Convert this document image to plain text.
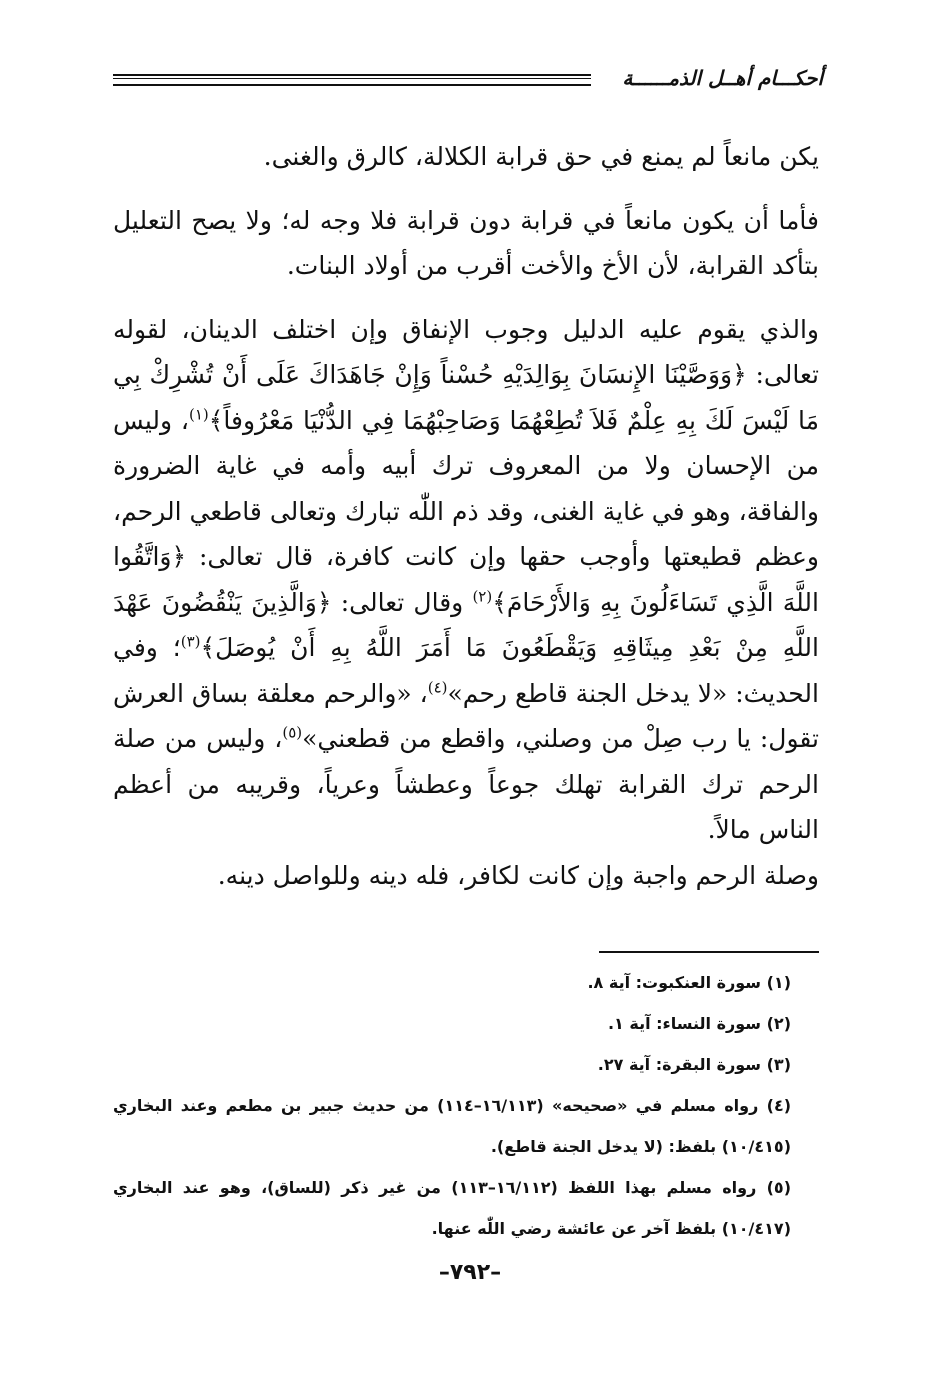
أحكـــام أهــل الذمــــــة

يكن مانعاً لم يمنع في حق قرابة الكلالة، كالرق والغنى.

فأما أن يكون مانعاً في قرابة دون قرابة فلا وجه له؛ ولا يصح التعليل بتأكد القرابة، لأن الأخ والأخت أقرب من أولاد البنات.

والذي يقوم عليه الدليل وجوب الإنفاق وإن اختلف الدينان، لقوله تعالى: ﴿وَوَصَّيْنَا الإِنسَانَ بِوَالِدَيْهِ حُسْناً وَإِنْ جَاهَدَاكَ عَلَى أَنْ تُشْرِكْ بِي مَا لَيْسَ لَكَ بِهِ عِلْمٌ فَلاَ تُطِعْهُمَا وَصَاحِبْهُمَا فِي الدُّنْيَا مَعْرُوفاً﴾$^{(١)}$، وليس من الإحسان ولا من المعروف ترك أبيه وأمه في غاية الضرورة والفاقة، وهو في غاية الغنى، وقد ذم اللّٰه تبارك وتعالى قاطعي الرحم، وعظم قطيعتها وأوجب حقها وإن كانت كافرة، قال تعالى: ﴿وَاتَّقُوا اللَّهَ الَّذِي تَسَاءَلُونَ بِهِ وَالأَرْحَامَ﴾$^{(٢)}$ وقال تعالى: ﴿وَالَّذِينَ يَنْقُضُونَ عَهْدَ اللَّهِ مِنْ بَعْدِ مِيثَاقِهِ وَيَقْطَعُونَ مَا أَمَرَ اللَّهُ بِهِ أَنْ يُوصَلَ﴾$^{(٣)}$؛ وفي الحديث: «لا يدخل الجنة قاطع رحم»$^{(٤)}$، «والرحم معلقة بساق العرش تقول: يا رب صِلْ من وصلني، واقطع من قطعني»$^{(٥)}$، وليس من صلة الرحم ترك القرابة تهلك جوعاً وعطشاً وعرياً، وقريبه من أعظم الناس مالاً.

وصلة الرحم واجبة وإن كانت لكافر، فله دينه وللواصل دينه.

(١) سورة العنكبوت: آية ٨.

(٢) سورة النساء: آية ١.

(٣) سورة البقرة: آية ٢٧.

(٤) رواه مسلم في «صحيحه» (١٦/١١٣–١١٤) من حديث جبير بن مطعم وعند البخاري (١٠/٤١٥) بلفظ: (لا يدخل الجنة قاطع).

(٥) رواه مسلم بهذا اللفظ (١٦/١١٢–١١٣) من غير ذكر (للساق)، وهو عند البخاري (١٠/٤١٧) بلفظ آخر عن عائشة رضي اللّٰه عنها.

–٧٩٢–
